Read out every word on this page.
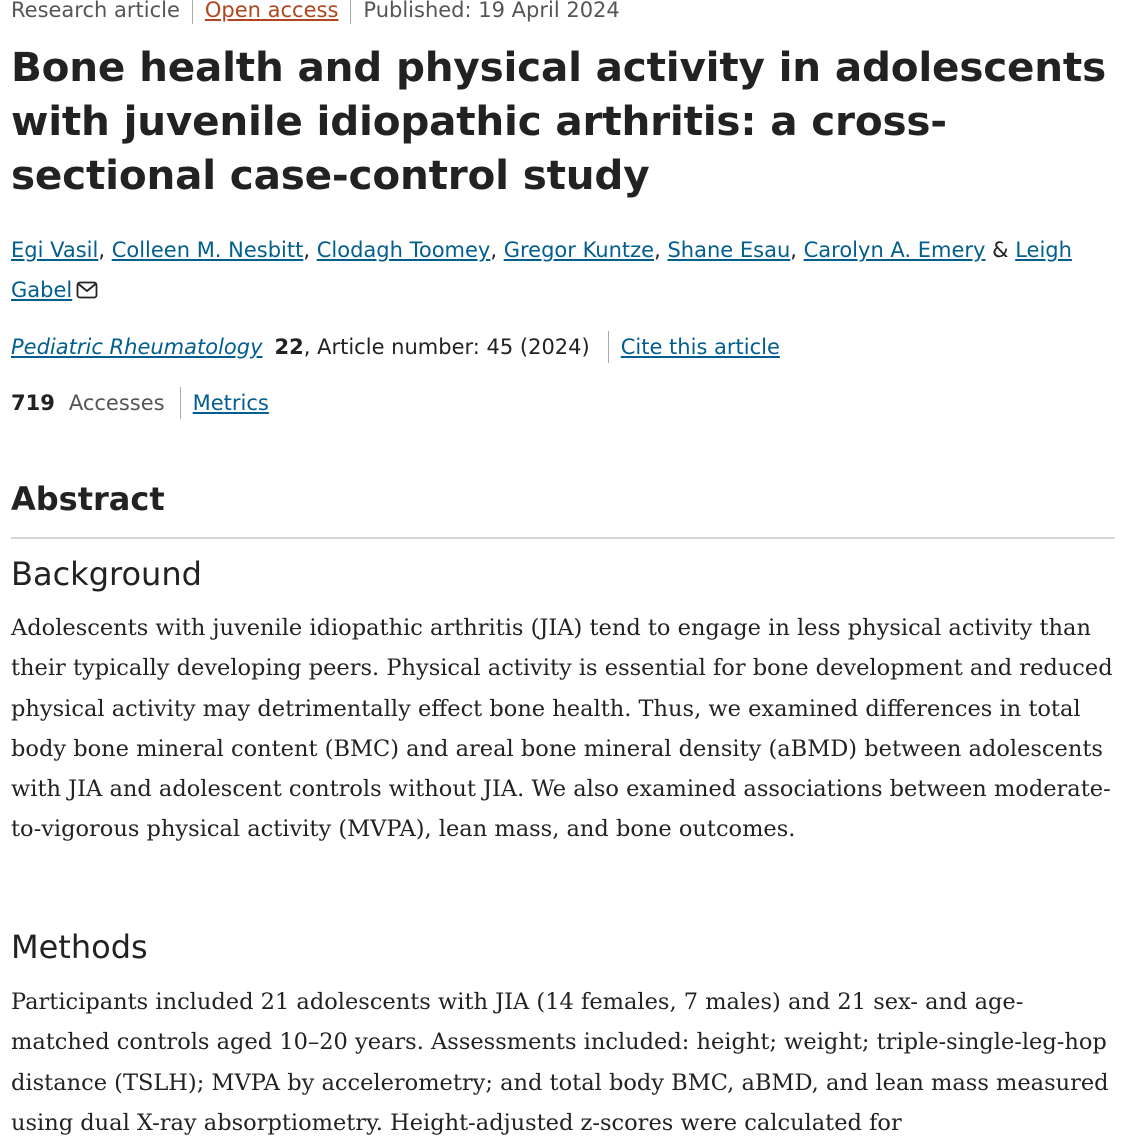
Research article Open access Published: 19 April 2024
Bone health and physical activity in adolescents with juvenile idiopathic arthritis: a cross-sectional case-control study
Egi Vasil, Colleen M. Nesbitt, Clodagh Toomey, Gregor Kuntze, Shane Esau, Carolyn A. Emery & Leigh Gabel
Pediatric Rheumatology 22 , Article number: 45 (2024) Cite this article
719 Accesses Metrics
Abstract
Background

Adolescents with juvenile idiopathic arthritis (JIA) tend to engage in less physical activity than their typically developing peers. Physical activity is essential for bone development and reduced physical activity may detrimentally effect bone health. Thus, we examined differences in total body bone mineral content (BMC) and areal bone mineral density (aBMD) between adolescents with JIA and adolescent controls without JIA. We also examined associations between moderate-to-vigorous physical activity (MVPA), lean mass, and bone outcomes.

Methods

Participants included 21 adolescents with JIA (14 females, 7 males) and 21 sex- and age-matched controls aged 10–20 years. Assessments included: height; weight; triple-single-leg-hop distance (TSLH); MVPA by accelerometry; and total body BMC, aBMD, and lean mass measured using dual X-ray absorptiometry. Height-adjusted z-scores were calculated for
